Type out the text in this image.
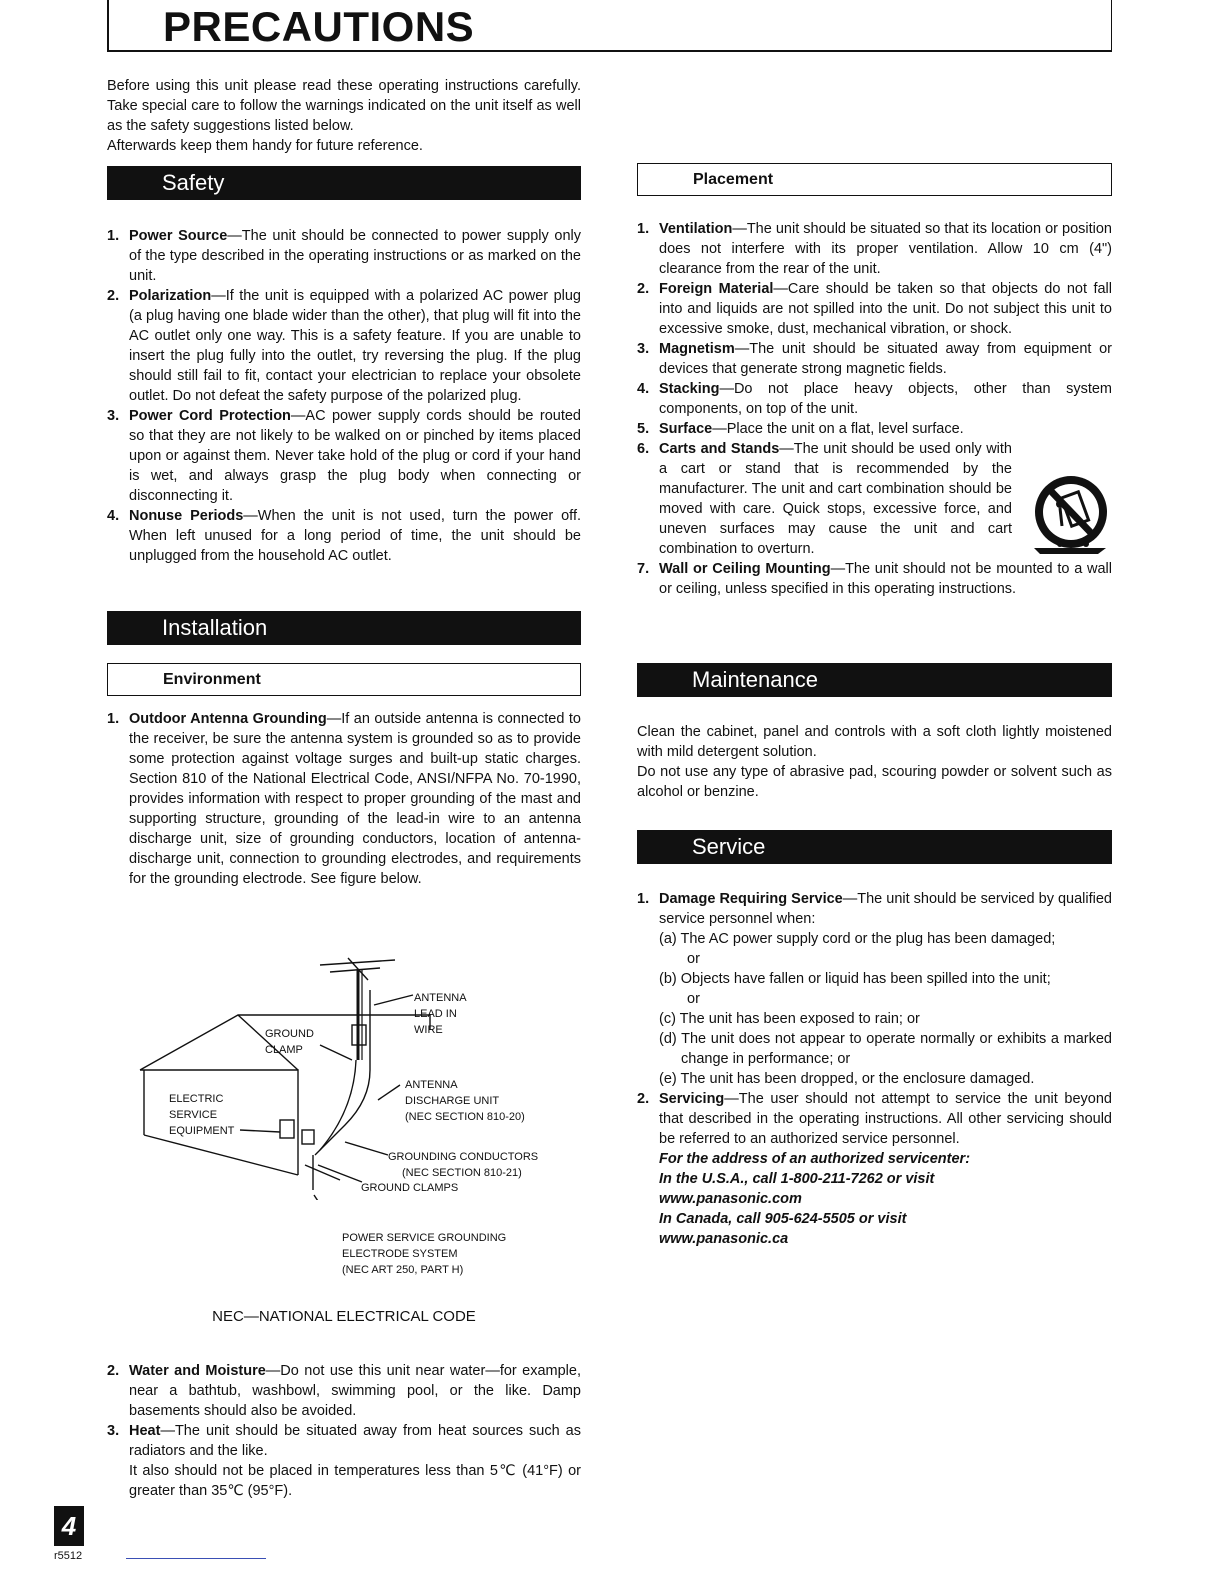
PRECAUTIONS
Before using this unit please read these operating instructions carefully. Take special care to follow the warnings indicated on the unit itself as well as the safety suggestions listed below.
Afterwards keep them handy for future reference.
Safety
1. Power Source—The unit should be connected to power supply only of the type described in the operating instructions or as marked on the unit.
2. Polarization—If the unit is equipped with a polarized AC power plug (a plug having one blade wider than the other), that plug will fit into the AC outlet only one way. This is a safety feature. If you are unable to insert the plug fully into the outlet, try reversing the plug. If the plug should still fail to fit, contact your electrician to replace your obsolete outlet. Do not defeat the safety purpose of the polarized plug.
3. Power Cord Protection—AC power supply cords should be routed so that they are not likely to be walked on or pinched by items placed upon or against them. Never take hold of the plug or cord if your hand is wet, and always grasp the plug body when connecting or disconnecting it.
4. Nonuse Periods—When the unit is not used, turn the power off. When left unused for a long period of time, the unit should be unplugged from the household AC outlet.
Installation
Environment
1. Outdoor Antenna Grounding—If an outside antenna is connected to the receiver, be sure the antenna system is grounded so as to provide some protection against voltage surges and built-up static charges. Section 810 of the National Electrical Code, ANSI/NFPA No. 70-1990, provides information with respect to proper grounding of the mast and supporting structure, grounding of the lead-in wire to an antenna discharge unit, size of grounding conductors, location of antenna-discharge unit, connection to grounding electrodes, and requirements for the grounding electrode. See figure below.
ANTENNA
LEAD IN
WIRE
GROUND
CLAMP
ANTENNA
DISCHARGE UNIT
(NEC SECTION 810-20)
ELECTRIC
SERVICE
EQUIPMENT
GROUNDING CONDUCTORS
(NEC SECTION 810-21)
GROUND CLAMPS
POWER SERVICE GROUNDING
ELECTRODE SYSTEM
(NEC ART 250, PART H)
NEC—NATIONAL ELECTRICAL CODE
2. Water and Moisture—Do not use this unit near water—for example, near a bathtub, washbowl, swimming pool, or the like. Damp basements should also be avoided.
3. Heat—The unit should be situated away from heat sources such as radiators and the like.
It also should not be placed in temperatures less than 5℃ (41°F) or greater than 35℃ (95°F).
Placement
1. Ventilation—The unit should be situated so that its location or position does not interfere with its proper ventilation. Allow 10 cm (4") clearance from the rear of the unit.
2. Foreign Material—Care should be taken so that objects do not fall into and liquids are not spilled into the unit. Do not subject this unit to excessive smoke, dust, mechanical vibration, or shock.
3. Magnetism—The unit should be situated away from equipment or devices that generate strong magnetic fields.
4. Stacking—Do not place heavy objects, other than system components, on top of the unit.
5. Surface—Place the unit on a flat, level surface.
6. Carts and Stands—The unit should be used only with a cart or stand that is recommended by the manufacturer. The unit and cart combination should be moved with care. Quick stops, excessive force, and uneven surfaces may cause the unit and cart combination to overturn.
7. Wall or Ceiling Mounting—The unit should not be mounted to a wall or ceiling, unless specified in this operating instructions.
Maintenance
Clean the cabinet, panel and controls with a soft cloth lightly moistened with mild detergent solution.
Do not use any type of abrasive pad, scouring powder or solvent such as alcohol or benzine.
Service
1. Damage Requiring Service—The unit should be serviced by qualified service personnel when:
(a) The AC power supply cord or the plug has been damaged;
or
(b) Objects have fallen or liquid has been spilled into the unit;
or
(c) The unit has been exposed to rain; or
(d) The unit does not appear to operate normally or exhibits a marked change in performance; or
(e) The unit has been dropped, or the enclosure damaged.
2. Servicing—The user should not attempt to service the unit beyond that described in the operating instructions. All other servicing should be referred to an authorized service personnel.
For the address of an authorized servicenter:
In the U.S.A., call 1-800-211-7262 or visit
www.panasonic.com
In Canada, call 905-624-5505 or visit
www.panasonic.ca
4
r5512
